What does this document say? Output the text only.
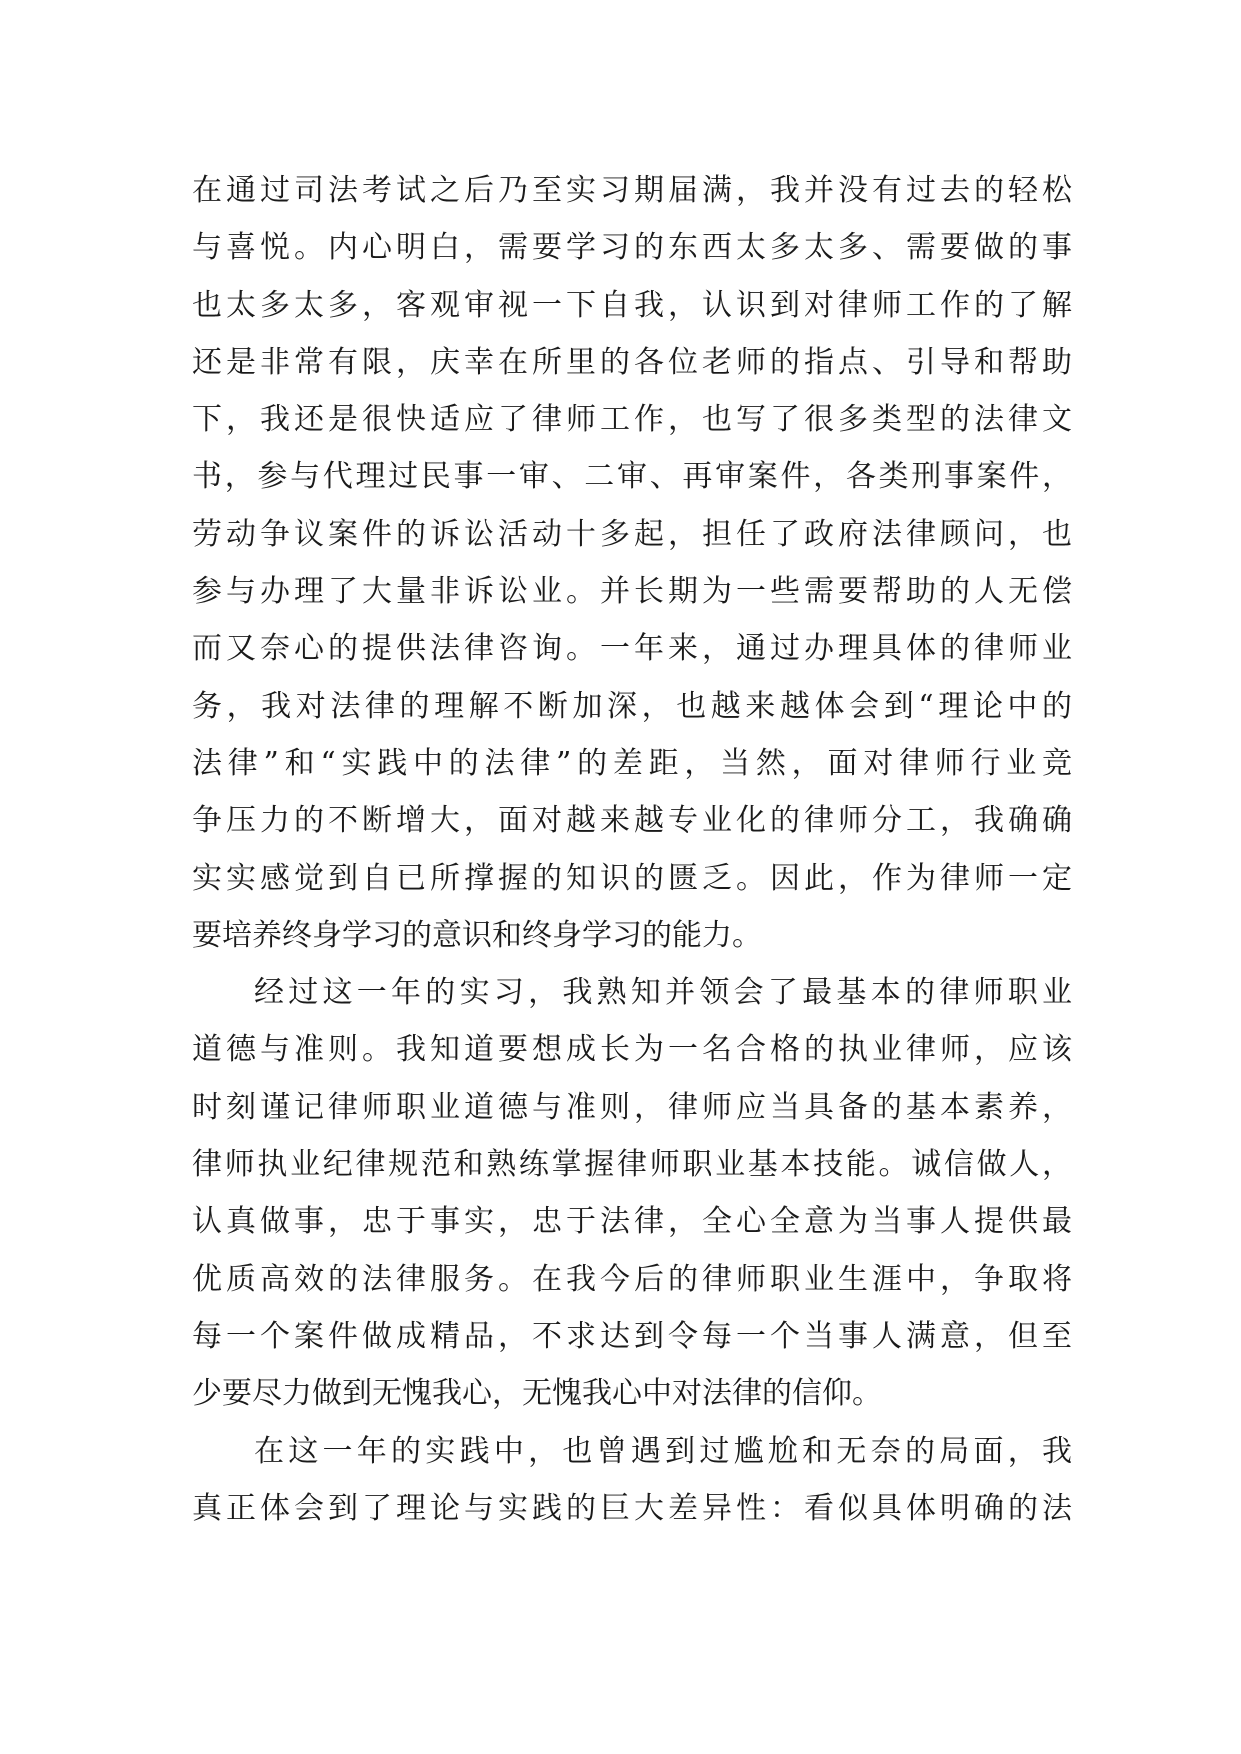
在通过司法考试之后乃至实习期届满，我并没有过去的轻松
与喜悦。内心明白，需要学习的东西太多太多、需要做的事
也太多太多，客观审视一下自我，认识到对律师工作的了解
还是非常有限，庆幸在所里的各位老师的指点、引导和帮助
下，我还是很快适应了律师工作，也写了很多类型的法律文
书，参与代理过民事一审、二审、再审案件，各类刑事案件，
劳动争议案件的诉讼活动十多起，担任了政府法律顾问，也
参与办理了大量非诉讼业。并长期为一些需要帮助的人无偿
而又奈心的提供法律咨询。一年来，通过办理具体的律师业
务，我对法律的理解不断加深，也越来越体会到“理论中的
法律”和“实践中的法律”的差距，当然，面对律师行业竞
争压力的不断增大，面对越来越专业化的律师分工，我确确
实实感觉到自已所撑握的知识的匮乏。因此，作为律师一定
要培养终身学习的意识和终身学习的能力。
经过这一年的实习，我熟知并领会了最基本的律师职业
道德与准则。我知道要想成长为一名合格的执业律师，应该
时刻谨记律师职业道德与准则，律师应当具备的基本素养，
律师执业纪律规范和熟练掌握律师职业基本技能。诚信做人，
认真做事，忠于事实，忠于法律，全心全意为当事人提供最
优质高效的法律服务。在我今后的律师职业生涯中，争取将
每一个案件做成精品，不求达到令每一个当事人满意，但至
少要尽力做到无愧我心，无愧我心中对法律的信仰。
在这一年的实践中，也曾遇到过尴尬和无奈的局面，我
真正体会到了理论与实践的巨大差异性：看似具体明确的法
